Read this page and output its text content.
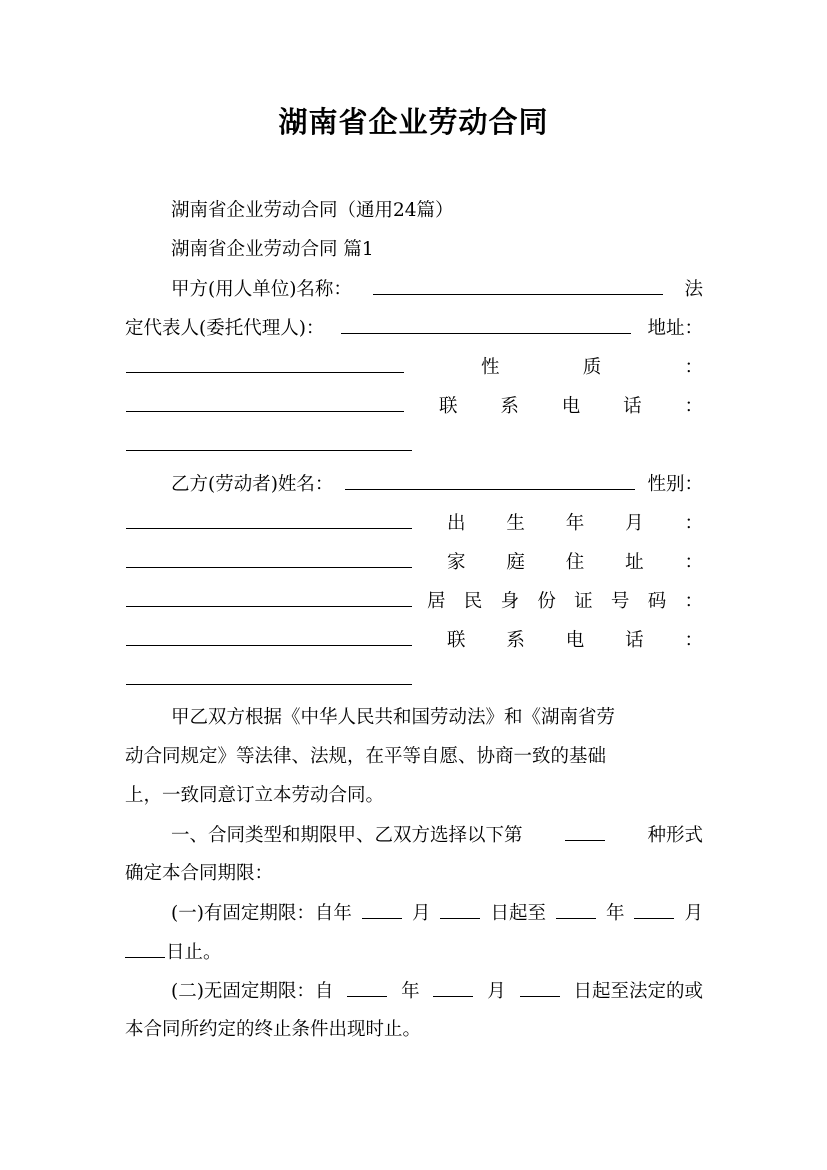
湖南省企业劳动合同
湖南省企业劳动合同（通用24篇）
湖南省企业劳动合同 篇1
甲方(用人单位)名称：	法
定代表人(委托代理人)：	地址：
性	质	：
联 系 电 话 ：
乙方(劳动者)姓名：	性别：
出 生 年 月 ：
家 庭 住 址 ：
居 民 身 份 证 号 码 ：
联 系 电 话 ：
甲乙双方根据《中华人民共和国劳动法》和《湖南省劳
动合同规定》等法律、法规，在平等自愿、协商一致的基础
上，一致同意订立本劳动合同。
一、合同类型和期限甲、乙双方选择以下第	种形式
确定本合同期限：
(一)有固定期限：自年	月	日起至	年	月
日止。
(二)无固定期限：自	年	月	日起至法定的或
本合同所约定的终止条件出现时止。
